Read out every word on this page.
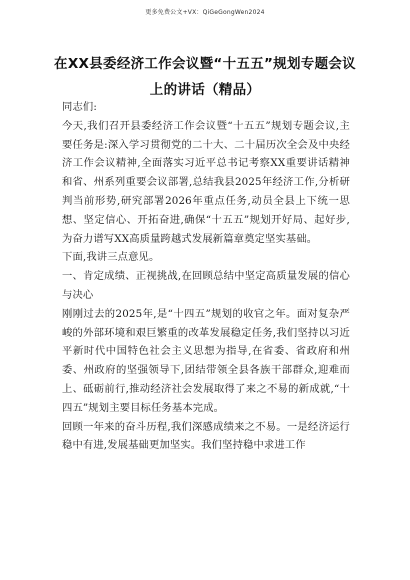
更多免费公文+VX：QiGeGongWen2024
在XX县委经济工作会议暨“十五五”规划专题会议
上的讲话（精品）

同志们:

今天,我们召开县委经济工作会议暨“十五五”规划专题会议,主要任务是:深入学习贯彻党的二十大、二十届历次全会及中央经济工作会议精神,全面落实习近平总书记考察XX重要讲话精神和省、州系列重要会议部署,总结我县2025年经济工作,分析研判当前形势,研究部署2026年重点任务,动员全县上下统一思想、坚定信心、开拓奋进,确保“十五五”规划开好局、起好步,为奋力谱写XX高质量跨越式发展新篇章奠定坚实基础。

下面,我讲三点意见。

一、肯定成绩、正视挑战,在回顾总结中坚定高质量发展的信心与决心

刚刚过去的2025年,是“十四五”规划的收官之年。面对复杂严峻的外部环境和艰巨繁重的改革发展稳定任务,我们坚持以习近平新时代中国特色社会主义思想为指导,在省委、省政府和州委、州政府的坚强领导下,团结带领全县各族干部群众,迎难而上、砥砺前行,推动经济社会发展取得了来之不易的新成就,“十四五”规划主要目标任务基本完成。

回顾一年来的奋斗历程,我们深感成绩来之不易。一是经济运行稳中有进,发展基础更加坚实。我们坚持稳中求进工作
